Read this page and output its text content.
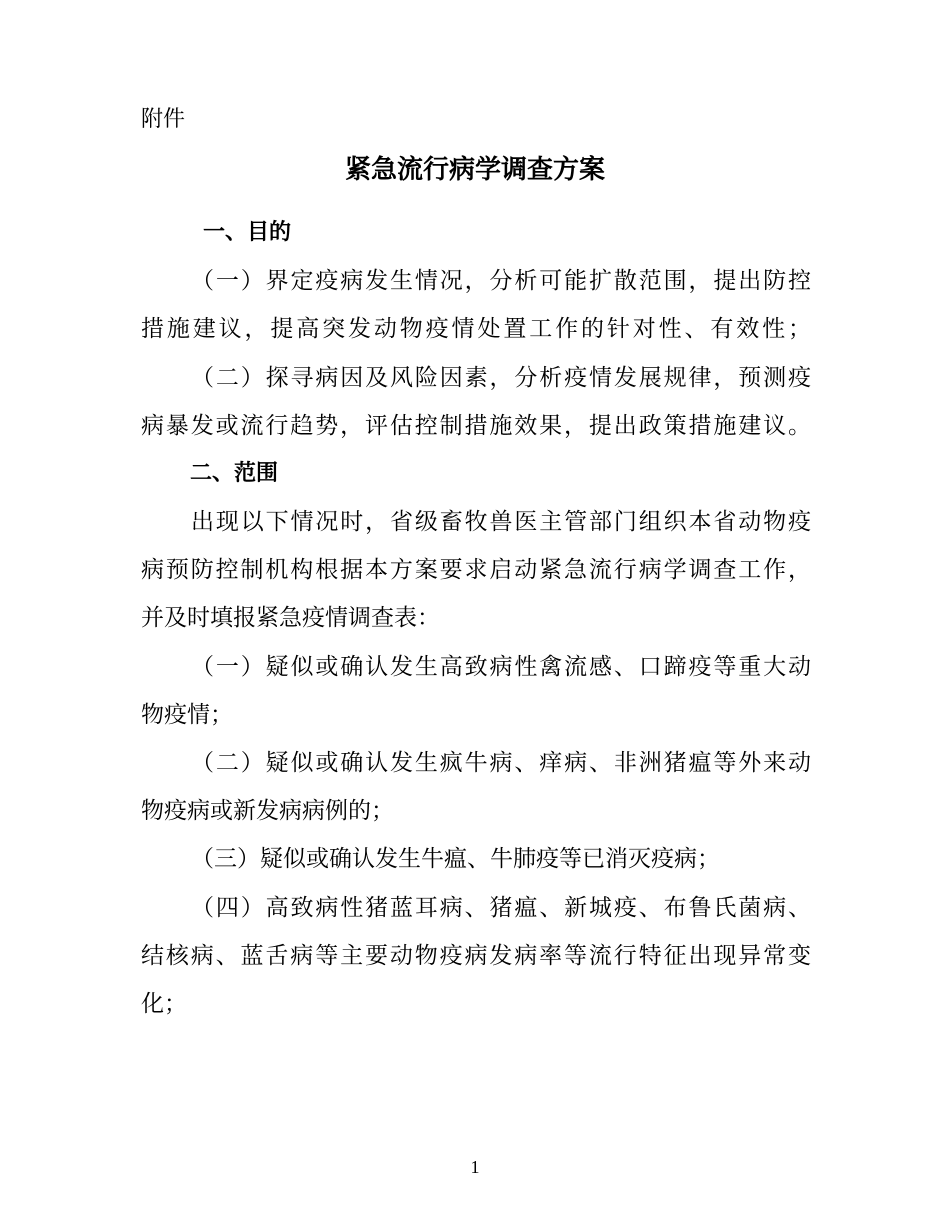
附件
紧急流行病学调查方案
一、目的
（一）界定疫病发生情况，分析可能扩散范围，提出防控
措施建议，提高突发动物疫情处置工作的针对性、有效性；
（二）探寻病因及风险因素，分析疫情发展规律，预测疫
病暴发或流行趋势，评估控制措施效果，提出政策措施建议。
二、范围
出现以下情况时，省级畜牧兽医主管部门组织本省动物疫
病预防控制机构根据本方案要求启动紧急流行病学调查工作，
并及时填报紧急疫情调查表：
（一）疑似或确认发生高致病性禽流感、口蹄疫等重大动
物疫情；
（二）疑似或确认发生疯牛病、痒病、非洲猪瘟等外来动
物疫病或新发病病例的；
（三）疑似或确认发生牛瘟、牛肺疫等已消灭疫病；
（四）高致病性猪蓝耳病、猪瘟、新城疫、布鲁氏菌病、
结核病、蓝舌病等主要动物疫病发病率等流行特征出现异常变
化；
1
